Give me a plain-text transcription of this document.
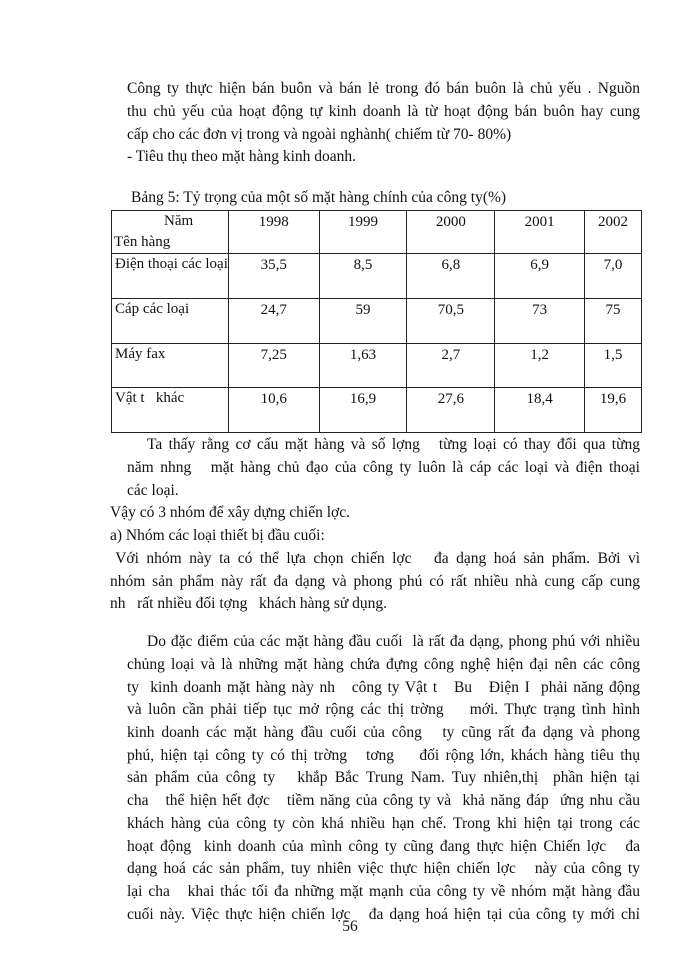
Công ty thực hiện bán buôn và bán lẻ trong đó bán buôn là chủ yếu . Nguồn

thu chủ yếu của hoạt động tự kinh doanh là từ hoạt động bán buôn hay cung

cấp cho các đơn vị trong và ngoài nghành( chiếm từ 70- 80%)

- Tiêu thụ theo mặt hàng kinh doanh.

Bảng 5: Tỷ trọng của một số mặt hàng chính của công ty(%)

Năm
Tên hàng	1998	1999	2000	2001	2002
Điện thoại các loại	35,5	8,5	6,8	6,9	7,0
Cáp các loại	24,7	59	70,5	73	75
Máy fax	7,25	1,63	2,7	1,2	1,5
Vật t   khác	10,6	16,9	27,6	18,4	19,6

Ta thấy rằng cơ cấu mặt hàng và số lợng   từng loại có thay đổi qua từng

năm nhng   mặt hàng chủ đạo của công ty luôn là cáp các loại và điện thoại

các loại.

Vậy có 3 nhóm để xây dựng chiến lợc.

a) Nhóm các loại thiết bị đầu cuối:

Với nhóm này ta có thể lựa chọn chiến lợc   đa dạng hoá sản phẩm. Bởi vì

nhóm sản phẩm này rất đa dạng và phong phú có rất nhiều nhà cung cấp cung

nh   rất nhiều đối tợng   khách hàng sử dụng.

Do đặc điểm của các mặt hàng đầu cuối  là rất đa dạng, phong phú với nhiều

chủng loại và là những mặt hàng chứa đựng công nghệ hiện đại nên các công

ty  kinh doanh mặt hàng này nh   công ty Vật t   Bu   Điện I  phải năng động

và luôn cần phải tiếp tục mở rộng các thị trờng    mới. Thực trạng tình hình

kinh doanh các mặt hàng đầu cuối của công   ty cũng rất đa dạng và phong

phú, hiện tại công ty có thị trờng   tơng    đối rộng lớn, khách hàng tiêu thụ

sản phẩm của công ty   khắp Bắc Trung Nam. Tuy nhiên,thị  phần hiện tại

cha   thể hiện hết đợc   tiềm năng của công ty và  khả năng đáp  ứng nhu cầu

khách hàng của công ty còn khá nhiều hạn chế. Trong khi hiện tại trong các

hoạt động  kinh doanh của mình công ty cũng đang thực hiện Chiến lợc   đa

dạng hoá các sản phẩm, tuy nhiên việc thực hiện chiến lợc   này của công ty

lại cha   khai thác tối đa những mặt mạnh của công ty về nhóm mặt hàng đầu

cuối này. Việc thực hiện chiến lợc   đa dạng hoá hiện tại của công ty mới chỉ

56
